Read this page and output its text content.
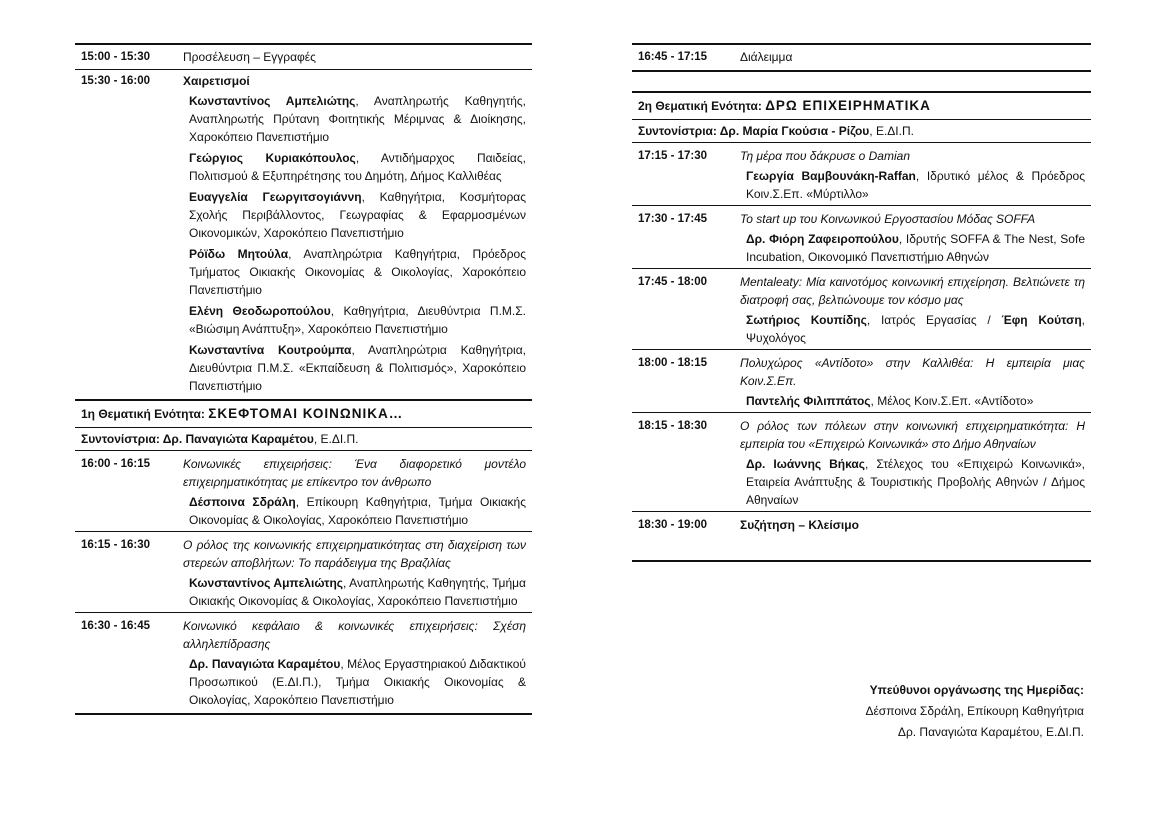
15:00 - 15:30	Προσέλευση – Εγγραφές
15:30 - 16:00	Χαιρετισμοί
Κωνσταντίνος Αμπελιώτης, Αναπληρωτής Καθηγητής, Αναπληρωτής Πρύτανη Φοιτητικής Μέριμνας & Διοίκησης, Χαροκόπειο Πανεπιστήμιο
Γεώργιος Κυριακόπουλος, Αντιδήμαρχος Παιδείας, Πολιτισμού & Εξυπηρέτησης του Δημότη, Δήμος Καλλιθέας
Ευαγγελία Γεωργιτσογιάννη, Καθηγήτρια, Κοσμήτορας Σχολής Περιβάλλοντος, Γεωγραφίας & Εφαρμοσμένων Οικονομικών, Χαροκόπειο Πανεπιστήμιο
Ρόϊδω Μητούλα, Αναπληρώτρια Καθηγήτρια, Πρόεδρος Τμήματος Οικιακής Οικονομίας & Οικολογίας, Χαροκόπειο Πανεπιστήμιο
Ελένη Θεοδωροπούλου, Καθηγήτρια, Διευθύντρια Π.Μ.Σ. «Βιώσιμη Ανάπτυξη», Χαροκόπειο Πανεπιστήμιο
Κωνσταντίνα Κουτρούμπα, Αναπληρώτρια Καθηγήτρια, Διευθύντρια Π.Μ.Σ. «Εκπαίδευση & Πολιτισμός», Χαροκόπειο Πανεπιστήμιο
1η Θεματική Ενότητα: ΣΚΕΦΤΟΜΑΙ ΚΟΙΝΩΝΙΚΑ…
Συντονίστρια: Δρ. Παναγιώτα Καραμέτου, Ε.ΔΙ.Π.
16:00 - 16:15	Κοινωνικές επιχειρήσεις: Ένα διαφορετικό μοντέλο επιχειρηματικότητας με επίκεντρο τον άνθρωπο
Δέσποινα Σδράλη, Επίκουρη Καθηγήτρια, Τμήμα Οικιακής Οικονομίας & Οικολογίας, Χαροκόπειο Πανεπιστήμιο
16:15 - 16:30	Ο ρόλος της κοινωνικής επιχειρηματικότητας στη διαχείριση των στερεών αποβλήτων: Το παράδειγμα της Βραζιλίας
Κωνσταντίνος Αμπελιώτης, Αναπληρωτής Καθηγητής, Τμήμα Οικιακής Οικονομίας & Οικολογίας, Χαροκόπειο Πανεπιστήμιο
16:30 - 16:45	Κοινωνικό κεφάλαιο & κοινωνικές επιχειρήσεις: Σχέση αλληλεπίδρασης
Δρ. Παναγιώτα Καραμέτου, Μέλος Εργαστηριακού Διδακτικού Προσωπικού (Ε.ΔΙ.Π.), Τμήμα Οικιακής Οικονομίας & Οικολογίας, Χαροκόπειο Πανεπιστήμιο
16:45 - 17:15	Διάλειμμα
2η Θεματική Ενότητα: ΔΡΩ ΕΠΙΧΕΙΡΗΜΑΤΙΚΑ
Συντονίστρια: Δρ. Μαρία Γκούσια - Ρίζου, Ε.ΔΙ.Π.
17:15 - 17:30	Τη μέρα που δάκρυσε ο Damian
Γεωργία Βαμβουνάκη-Raffan, Ιδρυτικό μέλος & Πρόεδρος Κοιν.Σ.Επ. «Μύρτιλλο»
17:30 - 17:45	Το start up του Κοινωνικού Εργοστασίου Μόδας SOFFA
Δρ. Φιόρη Ζαφειροπούλου, Ιδρυτής SOFFA & The Nest, Sofe Incubation, Οικονομικό Πανεπιστήμιο Αθηνών
17:45 - 18:00	Mentaleaty: Μία καινοτόμος κοινωνική επιχείρηση. Βελτιώνετε τη διατροφή σας, βελτιώνουμε τον κόσμο μας
Σωτήριος Κουπίδης, Ιατρός Εργασίας / Έφη Κούτση, Ψυχολόγος
18:00 - 18:15	Πολυχώρος «Αντίδοτο» στην Καλλιθέα: Η εμπειρία μιας Κοιν.Σ.Επ.
Παντελής Φιλιππάτος, Μέλος Κοιν.Σ.Επ. «Αντίδοτο»
18:15 - 18:30	Ο ρόλος των πόλεων στην κοινωνική επιχειρηματικότητα: Η εμπειρία του «Επιχειρώ Κοινωνικά» στο Δήμο Αθηναίων
Δρ. Ιωάννης Βήκας, Στέλεχος του «Επιχειρώ Κοινωνικά», Εταιρεία Ανάπτυξης & Τουριστικής Προβολής Αθηνών / Δήμος Αθηναίων
18:30 - 19:00	Συζήτηση – Κλείσιμο
Υπεύθυνοι οργάνωσης της Ημερίδας:
Δέσποινα Σδράλη, Επίκουρη Καθηγήτρια
Δρ. Παναγιώτα Καραμέτου, Ε.ΔΙ.Π.
